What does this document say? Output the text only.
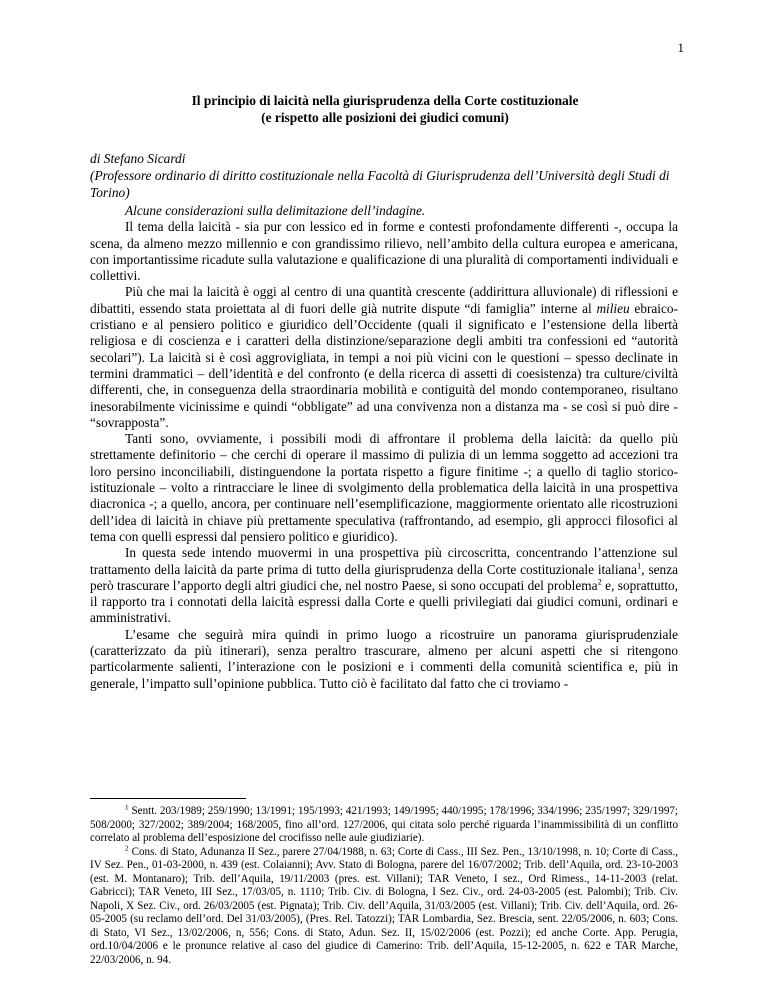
1
Il principio di laicità nella giurisprudenza della Corte costituzionale
(e rispetto alle posizioni dei giudici comuni)
di Stefano Sicardi
(Professore ordinario di diritto costituzionale nella Facoltà di Giurisprudenza dell’Università degli Studi di Torino)

Alcune considerazioni sulla delimitazione dell’indagine.

Il tema della laicità - sia pur con lessico ed in forme e contesti profondamente differenti -, occupa la scena, da almeno mezzo millennio e con grandissimo rilievo, nell’ambito della cultura europea e americana, con importantissime ricadute sulla valutazione e qualificazione di una pluralità di comportamenti individuali e collettivi.

Più che mai la laicità è oggi al centro di una quantità crescente (addirittura alluvionale) di riflessioni e dibattiti, essendo stata proiettata al di fuori delle già nutrite dispute “di famiglia” interne al milieu ebraico-cristiano e al pensiero politico e giuridico dell’Occidente (quali il significato e l’estensione della libertà religiosa e di coscienza e i caratteri della distinzione/separazione degli ambiti tra confessioni ed “autorità secolari”). La laicità si è così aggrovigliata, in tempi a noi più vicini con le questioni – spesso declinate in termini drammatici – dell’identità e del confronto (e della ricerca di assetti di coesistenza) tra culture/civiltà differenti, che, in conseguenza della straordinaria mobilità e contiguità del mondo contemporaneo, risultano inesorabilmente vicinissime e quindi “obbligate” ad una convivenza non a distanza ma - se così si può dire - “sovrapposta”.

Tanti sono, ovviamente, i possibili modi di affrontare il problema della laicità: da quello più strettamente definitorio – che cerchi di operare il massimo di pulizia di un lemma soggetto ad accezioni tra loro persino inconciliabili, distinguendone la portata rispetto a figure finitime -; a quello di taglio storico-istituzionale – volto a rintracciare le linee di svolgimento della problematica della laicità in una prospettiva diacronica -; a quello, ancora, per continuare nell’esemplificazione, maggiormente orientato alle ricostruzioni dell’idea di laicità in chiave più prettamente speculativa (raffrontando, ad esempio, gli approcci filosofici al tema con quelli espressi dal pensiero politico e giuridico).

In questa sede intendo muovermi in una prospettiva più circoscritta, concentrando l’attenzione sul trattamento della laicità da parte prima di tutto della giurisprudenza della Corte costituzionale italiana$^1$, senza però trascurare l’apporto degli altri giudici che, nel nostro Paese, si sono occupati del problema$^2$ e, soprattutto, il rapporto tra i connotati della laicità espressi dalla Corte e quelli privilegiati dai giudici comuni, ordinari e amministrativi.

L’esame che seguirà mira quindi in primo luogo a ricostruire un panorama giurisprudenziale (caratterizzato da più itinerari), senza peraltro trascurare, almeno per alcuni aspetti che si ritengono particolarmente salienti, l’interazione con le posizioni e i commenti della comunità scientifica e, più in generale, l’impatto sull’opinione pubblica. Tutto ciò è facilitato dal fatto che ci troviamo -

$^1$ Sentt. 203/1989; 259/1990; 13/1991; 195/1993; 421/1993; 149/1995; 440/1995; 178/1996; 334/1996; 235/1997; 329/1997; 508/2000; 327/2002; 389/2004; 168/2005, fino all’ord. 127/2006, qui citata solo perché riguarda l’inammissibilità di un conflitto correlato al problema dell’esposizione del crocifisso nelle aule giudiziarie).

$^2$ Cons. di Stato, Adunanza II Sez., parere 27/04/1988, n. 63; Corte di Cass., III Sez. Pen., 13/10/1998, n. 10; Corte di Cass., IV Sez. Pen., 01-03-2000, n. 439 (est. Colaianni); Avv. Stato di Bologna, parere del 16/07/2002; Trib. dell’Aquila, ord. 23-10-2003 (est. M. Montanaro); Trib. dell’Aquila, 19/11/2003 (pres. est. Villani); TAR Veneto, I sez., Ord Rimess., 14-11-2003 (relat. Gabricci); TAR Veneto, III Sez., 17/03/05, n. 1110; Trib. Civ. di Bologna, I Sez. Civ., ord. 24-03-2005 (est. Palombi); Trib. Civ. Napoli, X Sez. Civ., ord. 26/03/2005 (est. Pignata); Trib. Civ. dell’Aquila, 31/03/2005 (est. Villani); Trib. Civ. dell’Aquila, ord. 26-05-2005 (su reclamo dell’ord. Del 31/03/2005), (Pres. Rel. Tatozzi); TAR Lombardia, Sez. Brescia, sent. 22/05/2006, n. 603; Cons. di Stato, VI Sez., 13/02/2006, n, 556; Cons. di Stato, Adun. Sez. II, 15/02/2006 (est. Pozzi); ed anche Corte. App. Perugia, ord.10/04/2006 e le pronunce relative al caso del giudice di Camerino: Trib. dell’Aquila, 15-12-2005, n. 622 e TAR Marche, 22/03/2006, n. 94.
